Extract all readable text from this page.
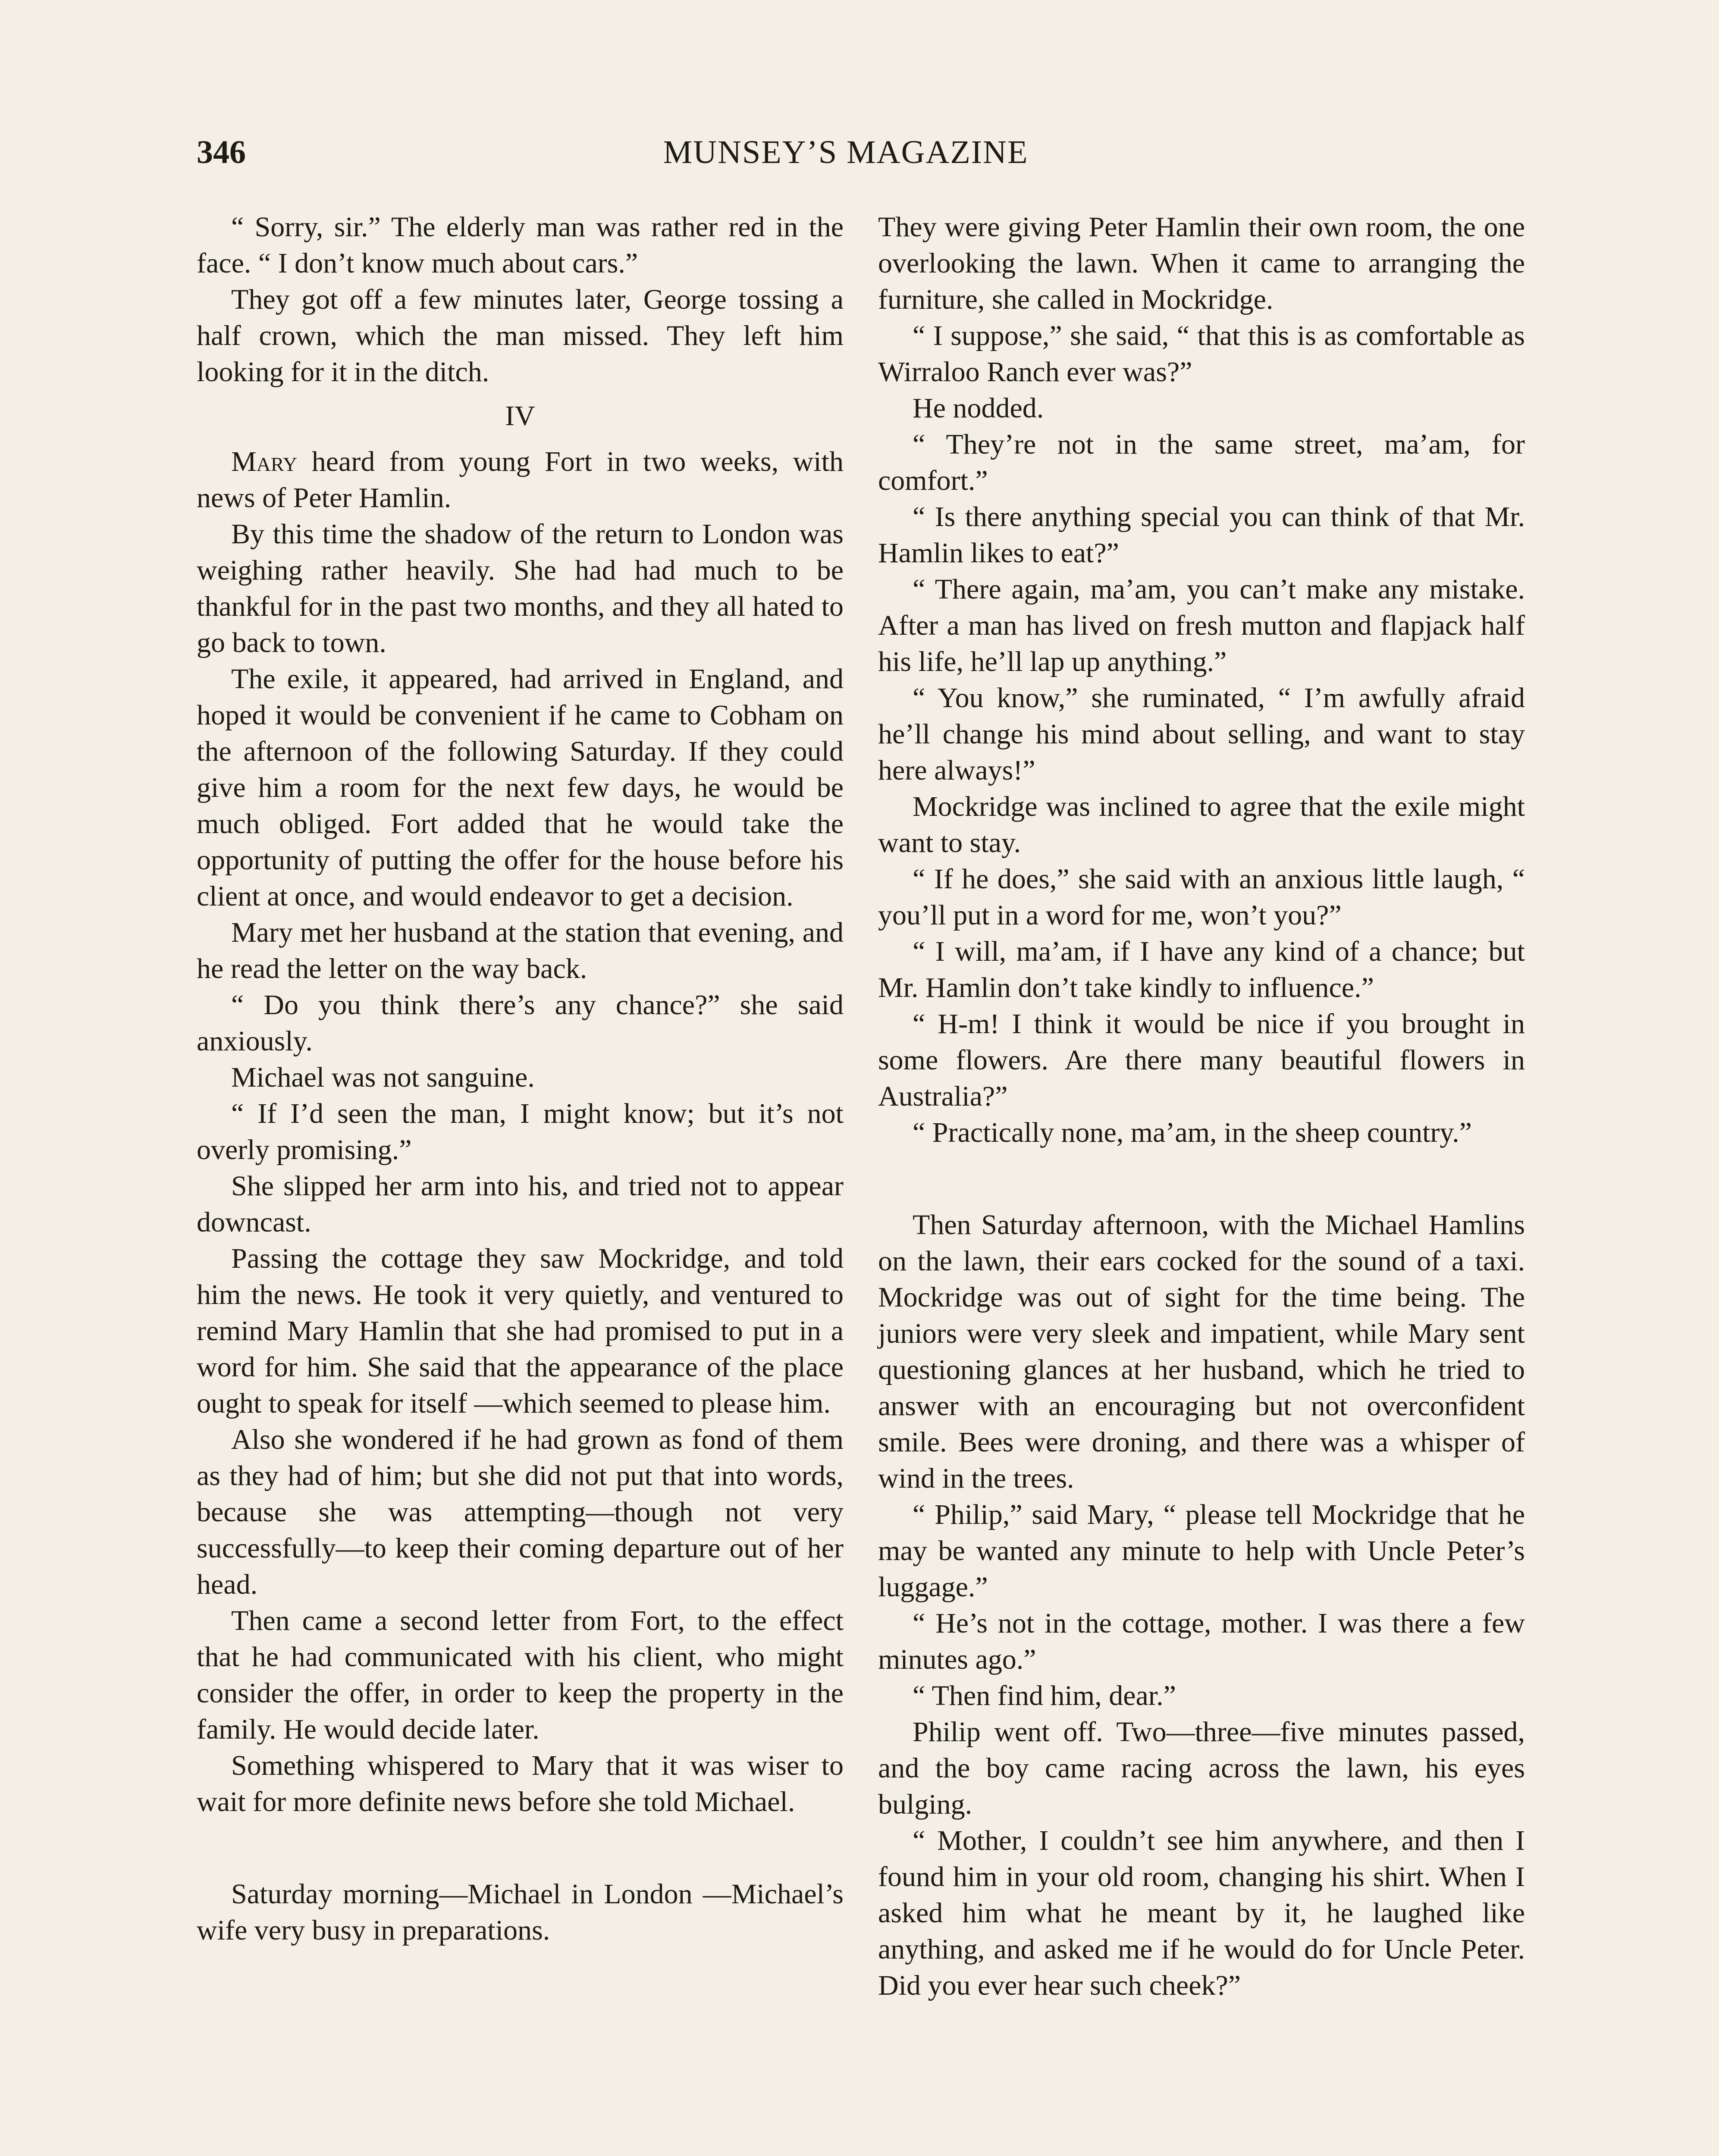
346	MUNSEY’S MAGAZINE

“ Sorry, sir.” The elderly man was rather red in the face. “ I don’t know much about cars.”

They got off a few minutes later, George tossing a half crown, which the man missed. They left him looking for it in the ditch.

IV

Mary heard from young Fort in two weeks, with news of Peter Hamlin.

By this time the shadow of the return to London was weighing rather heavily. She had had much to be thankful for in the past two months, and they all hated to go back to town.

The exile, it appeared, had arrived in England, and hoped it would be convenient if he came to Cobham on the afternoon of the following Saturday. If they could give him a room for the next few days, he would be much obliged. Fort added that he would take the opportunity of putting the offer for the house before his client at once, and would endeavor to get a decision.

Mary met her husband at the station that evening, and he read the letter on the way back.

“ Do you think there’s any chance?” she said anxiously.

Michael was not sanguine.

“ If I’d seen the man, I might know; but it’s not overly promising.”

She slipped her arm into his, and tried not to appear downcast.

Passing the cottage they saw Mockridge, and told him the news. He took it very quietly, and ventured to remind Mary Hamlin that she had promised to put in a word for him. She said that the appearance of the place ought to speak for itself —which seemed to please him.

Also she wondered if he had grown as fond of them as they had of him; but she did not put that into words, because she was attempting—though not very successfully—to keep their coming departure out of her head.

Then came a second letter from Fort, to the effect that he had communicated with his client, who might consider the offer, in order to keep the property in the family. He would decide later.

Something whispered to Mary that it was wiser to wait for more definite news before she told Michael.

Saturday morning—Michael in London —Michael’s wife very busy in preparations.

They were giving Peter Hamlin their own room, the one overlooking the lawn. When it came to arranging the furniture, she called in Mockridge.

“ I suppose,” she said, “ that this is as comfortable as Wirraloo Ranch ever was?”

He nodded.

“ They’re not in the same street, ma’am, for comfort.”

“ Is there anything special you can think of that Mr. Hamlin likes to eat?”

“ There again, ma’am, you can’t make any mistake. After a man has lived on fresh mutton and flapjack half his life, he’ll lap up anything.”

“ You know,” she ruminated, “ I’m awfully afraid he’ll change his mind about selling, and want to stay here always!”

Mockridge was inclined to agree that the exile might want to stay.

“ If he does,” she said with an anxious little laugh, “ you’ll put in a word for me, won’t you?”

“ I will, ma’am, if I have any kind of a chance; but Mr. Hamlin don’t take kindly to influence.”

“ H-m! I think it would be nice if you brought in some flowers. Are there many beautiful flowers in Australia?”

“ Practically none, ma’am, in the sheep country.”

Then Saturday afternoon, with the Michael Hamlins on the lawn, their ears cocked for the sound of a taxi. Mockridge was out of sight for the time being. The juniors were very sleek and impatient, while Mary sent questioning glances at her husband, which he tried to answer with an encouraging but not overconfident smile. Bees were droning, and there was a whisper of wind in the trees.

“ Philip,” said Mary, “ please tell Mockridge that he may be wanted any minute to help with Uncle Peter’s luggage.”

“ He’s not in the cottage, mother. I was there a few minutes ago.”

“ Then find him, dear.”

Philip went off. Two—three—five minutes passed, and the boy came racing across the lawn, his eyes bulging.

“ Mother, I couldn’t see him anywhere, and then I found him in your old room, changing his shirt. When I asked him what he meant by it, he laughed like anything, and asked me if he would do for Uncle Peter. Did you ever hear such cheek?”
